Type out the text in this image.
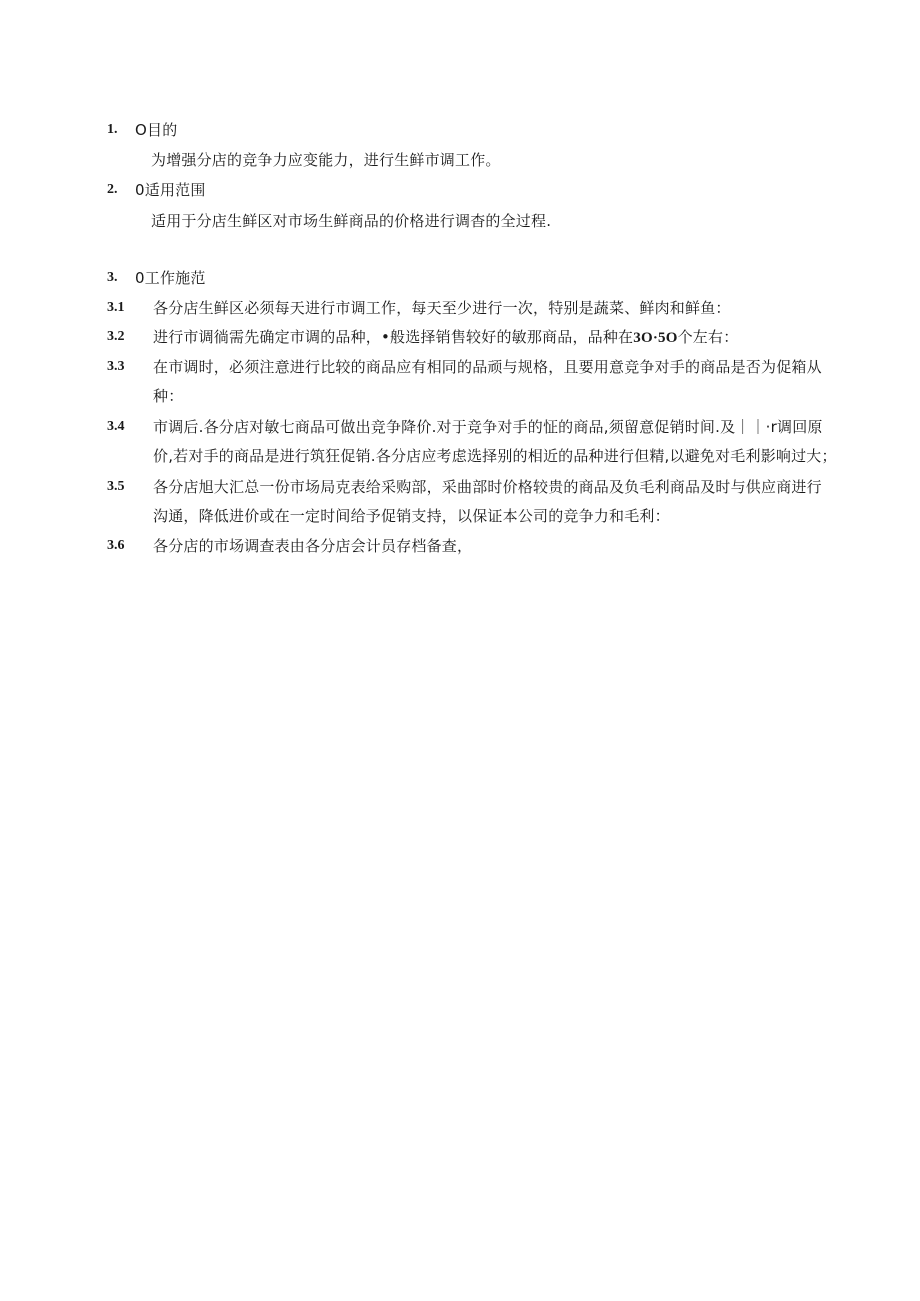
1. O目的
为增强分店的竞争力应变能力，进行生鲜市调工作。
2. 0适用范围
适用于分店生鲜区对市场生鲜商品的价格进行调杳的全过程.
3. 0工作施范
3.1 各分店生鲜区必须每天进行市调工作，每天至少进行一次，特别是蔬菜、鲜肉和鲜鱼：
3.2 进行市调徜需先确定市调的品种，•般选择销售较好的敏那商品，品种在3O·5O个左右：
3.3 在市调时，必须注意进行比较的商品应有相同的品顽与规格，且要用意竞争对手的商品是否为促箱从
种：
3.4 市调后.各分店对敏七商品可做出竞争降价.对于竞争对手的怔的商品,须留意促销时间.及｜｜·r调回原
价,若对手的商品是进行筑狂促销.各分店应考虑选择别的相近的品种进行但精,以避免对毛利影响过大；
3.5 各分店旭大汇总一份市场局克表给采购部，采曲部时价格较贵的商品及负毛利商品及时与供应商进行
沟通，降低进价或在一定时间给予促销支持，以保证本公司的竞争力和毛利：
3.6 各分店的市场调查表由各分店会计员存档备查，
